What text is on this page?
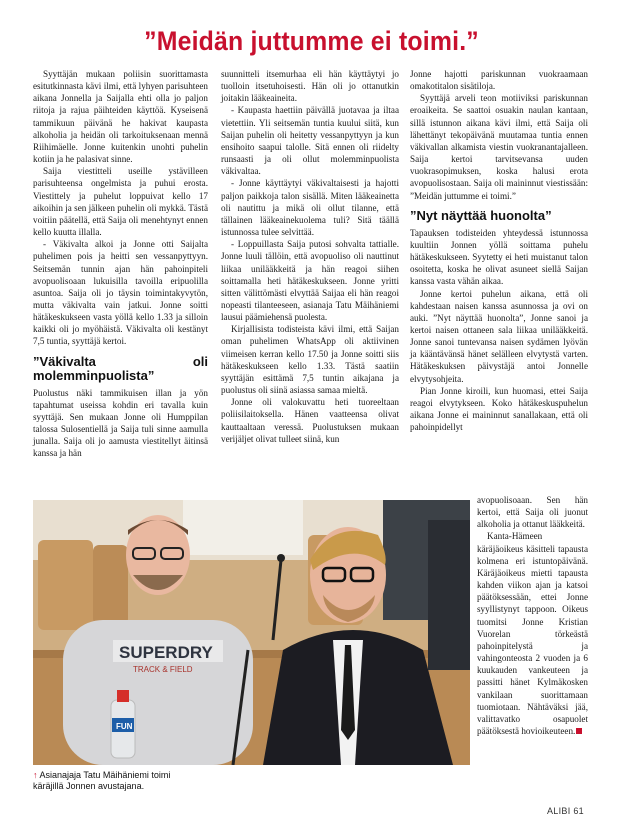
”Meidän juttumme ei toimi.”

Syyttäjän mukaan poliisin suorittamasta esitutkinnasta kävi ilmi, että lyhyen parisuhteen aikana Jonnella ja Saijalla ehti olla jo paljon riitoja ja rajua päihteiden käyttöä. Kyseisenä tammikuun päivänä he hakivat kaupasta alkoholia ja heidän oli tarkoituksenaan mennä Riihimäelle. Jonne kuitenkin unohti puhelin kotiin ja he palasivat sinne.

Saija viestitteli useille ystävilleen parisuhteensa ongelmista ja puhui erosta. Viestittely ja puhelut loppuivat kello 17 aikoihin ja sen jälkeen puhelin oli mykkä. Tästä voitiin päätellä, että Saija oli menehtynyt ennen kello kuutta illalla.

- Väkivalta alkoi ja Jonne otti Saijalta puhelimen pois ja heitti sen vessanpyttyyn. Seitsemän tunnin ajan hän pahoinpiteli avopuolisoaan lukuisilla tavoilla eripuolilla asuntoa. Saija oli jo täysin toimintakyvytön, mutta väkivalta vain jatkui. Jonne soitti hätäkeskukseen vasta yöllä kello 1.33 ja silloin kaikki oli jo myöhäistä. Väkivalta oli kestänyt 7,5 tuntia, syyttäjä kertoi.

”Väkivalta oli molemminpuolista”

Puolustus näki tammikuisen illan ja yön tapahtumat useissa kohdin eri tavalla kuin syyttäjä. Sen mukaan Jonne oli Humppilan talossa Sulosentiellä ja Saija tuli sinne aamulla junalla. Saija oli jo aamusta viestitellyt äitinsä kanssa ja hän

suunnitteli itsemurhaa eli hän käyttäytyi jo tuolloin itsetuhoisesti. Hän oli jo ottanutkin joitakin lääkeaineita.

- Kaupasta haettiin päivällä juotavaa ja iltaa vietettiin. Yli seitsemän tuntia kuului siitä, kun Saijan puhelin oli heitetty vessanpyttyyn ja kun ensihoito saapui talolle. Sitä ennen oli riidelty runsaasti ja oli ollut molemminpuolista väkivaltaa.

- Jonne käyttäytyi väkivaltaisesti ja hajotti paljon paikkoja talon sisällä. Miten lääkeainetta oli nautittu ja mikä oli ollut tilanne, että tällainen lääkeainekuolema tuli? Sitä täällä istunnossa tulee selvittää.

- Loppuillasta Saija putosi sohvalta tattialle. Jonne luuli tällöin, että avopuoliso oli nauttinut liikaa unilääkkeitä ja hän reagoi siihen soittamalla heti hätäkeskukseen. Jonne yritti sitten välittömästi elvyttää Saijaa eli hän reagoi nopeasti tilanteeseen, asianaja Tatu Mäihäniemi lausui päämiehensä puolesta.

Kirjallisista todisteista kävi ilmi, että Saijan oman puhelimen WhatsApp oli aktiivinen viimeisen kerran kello 17.50 ja Jonne soitti siis hätäkeskukseen kello 1.33. Tästä saatiin syyttäjän esittämä 7,5 tuntin aikajana ja puolustus oli siinä asiassa samaa mieltä.

Jonne oli valokuvattu heti tuoreeltaan poliisilaitoksella. Hänen vaatteensa olivat kauttaaltaan veressä. Puolustuksen mukaan verijäljet olivat tulleet siinä, kun

Jonne hajotti pariskunnan vuokraamaan omakotitalon sisätiloja.

Syyttäjä arveli teon motiiviksi pariskunnan eroaikeita. Se saattoi osuakin naulan kantaan, sillä istunnon aikana kävi ilmi, että Saija oli lähettänyt tekopäivänä muutamaa tuntia ennen väkivallan alkamista viestin vuokranantajalleen. Saija kertoi tarvitsevansa uuden vuokrasopimuksen, koska halusi erota avopuolisostaan. Saija oli maininnut viestissään: ”Meidän juttumme ei toimi.”

”Nyt näyttää huonolta”

Tapauksen todisteiden yhteydessä istunnossa kuultiin Jonnen yöllä soittama puhelu hätäkeskukseen. Syytetty ei heti muistanut talon osoitetta, koska he olivat asuneet siellä Saijan kanssa vasta vähän aikaa.

Jonne kertoi puhelun aikana, että oli kahdestaan naisen kanssa asunnossa ja ovi on auki. ”Nyt näyttää huonolta”, Jonne sanoi ja kertoi naisen ottaneen sala liikaa unilääkkeitä. Jonne sanoi tuntevansa naisen sydämen lyövän ja kääntävänsä hänet selälleen elvytystä varten. Hätäkeskuksen päivystäjä antoi Jonnelle elvytysohjeita.

Pian Jonne kiroili, kun huomasi, ettei Saija reagoi elvytykseen. Koko hätäkeskuspuhelun aikana Jonne ei maininnut sanallakaan, että oli pahoinpidellyt

avopuolisoaan. Sen hän kertoi, että Saija oli juonut alkoholia ja ottanut lääkkeitä.

Kanta-Hämeen käräjäoikeus käsitteli tapausta kolmena eri istuntopäivänä. Käräjäoikeus mietti tapausta kahden viikon ajan ja katsoi päätöksessään, ettei Jonne syyllistynyt tappoon. Oikeus tuomitsi Jonne Kristian Vuorelan törkeästä pahoinpitelystä ja vahingonteosta 2 vuoden ja 6 kuukauden vankeuteen ja passitti hänet Kylmäkosken vankilaan suorittamaan tuomiotaan. Nähtäväksi jää, valittavatko osapuolet päätöksestä hovioikeuteen.

SUPERDRY
TRACK & FIELD
FUN
↑ Asianajaja Tatu Mäihäniemi toimi
käräjillä Jonnen avustajana.
ALIBI 61
